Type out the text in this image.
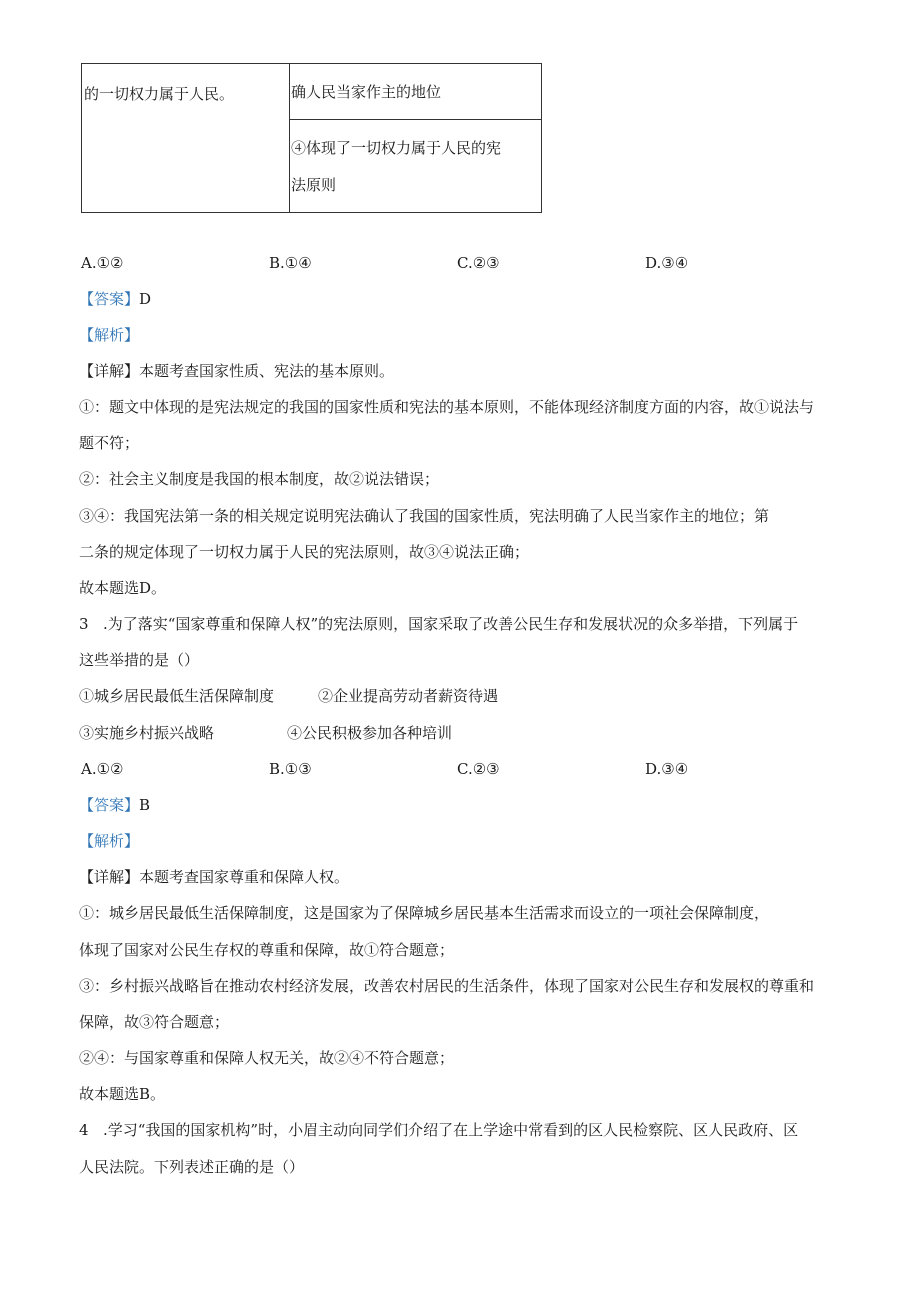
的一切权力属于人民。	确人民当家作主的地位
④体现了一切权力属于人民的宪
法原则
A.①②	B.①④	C.②③	D.③④
【答案】D
【解析】
【详解】本题考查国家性质、宪法的基本原则。
①：题文中体现的是宪法规定的我国的国家性质和宪法的基本原则，不能体现经济制度方面的内容，故①说法与
题不符；
②：社会主义制度是我国的根本制度，故②说法错误；
③④：我国宪法第一条的相关规定说明宪法确认了我国的国家性质，宪法明确了人民当家作主的地位；第
二条的规定体现了一切权力属于人民的宪法原则，故③④说法正确；
故本题选D。
3 .为了落实“国家尊重和保障人权”的宪法原则，国家采取了改善公民生存和发展状况的众多举措，下列属于
这些举措的是（）
①城乡居民最低生活保障制度	②企业提高劳动者薪资待遇
③实施乡村振兴战略	④公民积极参加各种培训
A.①②	B.①③	C.②③	D.③④
【答案】B
【解析】
【详解】本题考查国家尊重和保障人权。
①：城乡居民最低生活保障制度，这是国家为了保障城乡居民基本生活需求而设立的一项社会保障制度，
体现了国家对公民生存权的尊重和保障，故①符合题意；
③：乡村振兴战略旨在推动农村经济发展，改善农村居民的生活条件，体现了国家对公民生存和发展权的尊重和
保障，故③符合题意；
②④：与国家尊重和保障人权无关，故②④不符合题意；
故本题选B。
4 .学习“我国的国家机构”时，小眉主动向同学们介绍了在上学途中常看到的区人民检察院、区人民政府、区
人民法院。下列表述正确的是（）
